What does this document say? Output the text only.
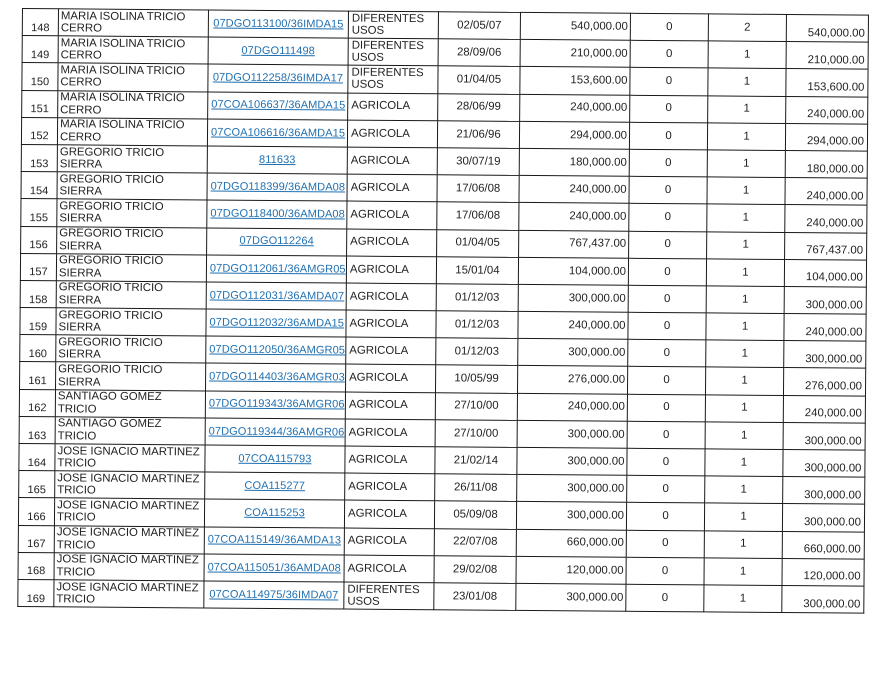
148	MARIA ISOLINA TRICIO CERRO	07DGO113100/36IMDA15	DIFERENTES USOS	02/05/07	540,000.00	0	2	540,000.00
149	MARIA ISOLINA TRICIO CERRO	07DGO111498	DIFERENTES USOS	28/09/06	210,000.00	0	1	210,000.00
150	MARIA ISOLINA TRICIO CERRO	07DGO112258/36IMDA17	DIFERENTES USOS	01/04/05	153,600.00	0	1	153,600.00
151	MARIA ISOLINA TRICIO CERRO	07COA106637/36AMDA15	AGRICOLA	28/06/99	240,000.00	0	1	240,000.00
152	MARIA ISOLINA TRICIO CERRO	07COA106616/36AMDA15	AGRICOLA	21/06/96	294,000.00	0	1	294,000.00
153	GREGORIO TRICIO SIERRA	811633	AGRICOLA	30/07/19	180,000.00	0	1	180,000.00
154	GREGORIO TRICIO SIERRA	07DGO118399/36AMDA08	AGRICOLA	17/06/08	240,000.00	0	1	240,000.00
155	GREGORIO TRICIO SIERRA	07DGO118400/36AMDA08	AGRICOLA	17/06/08	240,000.00	0	1	240,000.00
156	GREGORIO TRICIO SIERRA	07DGO112264	AGRICOLA	01/04/05	767,437.00	0	1	767,437.00
157	GREGORIO TRICIO SIERRA	07DGO112061/36AMGR05	AGRICOLA	15/01/04	104,000.00	0	1	104,000.00
158	GREGORIO TRICIO SIERRA	07DGO112031/36AMDA07	AGRICOLA	01/12/03	300,000.00	0	1	300,000.00
159	GREGORIO TRICIO SIERRA	07DGO112032/36AMDA15	AGRICOLA	01/12/03	240,000.00	0	1	240,000.00
160	GREGORIO TRICIO SIERRA	07DGO112050/36AMGR05	AGRICOLA	01/12/03	300,000.00	0	1	300,000.00
161	GREGORIO TRICIO SIERRA	07DGO114403/36AMGR03	AGRICOLA	10/05/99	276,000.00	0	1	276,000.00
162	SANTIAGO GOMEZ TRICIO	07DGO119343/36AMGR06	AGRICOLA	27/10/00	240,000.00	0	1	240,000.00
163	SANTIAGO GOMEZ TRICIO	07DGO119344/36AMGR06	AGRICOLA	27/10/00	300,000.00	0	1	300,000.00
164	JOSE IGNACIO MARTINEZ TRICIO	07COA115793	AGRICOLA	21/02/14	300,000.00	0	1	300,000.00
165	JOSE IGNACIO MARTINEZ TRICIO	COA115277	AGRICOLA	26/11/08	300,000.00	0	1	300,000.00
166	JOSE IGNACIO MARTINEZ TRICIO	COA115253	AGRICOLA	05/09/08	300,000.00	0	1	300,000.00
167	JOSE IGNACIO MARTINEZ TRICIO	07COA115149/36AMDA13	AGRICOLA	22/07/08	660,000.00	0	1	660,000.00
168	JOSE IGNACIO MARTINEZ TRICIO	07COA115051/36AMDA08	AGRICOLA	29/02/08	120,000.00	0	1	120,000.00
169	JOSE IGNACIO MARTINEZ TRICIO	07COA114975/36IMDA07	DIFERENTES USOS	23/01/08	300,000.00	0	1	300,000.00
